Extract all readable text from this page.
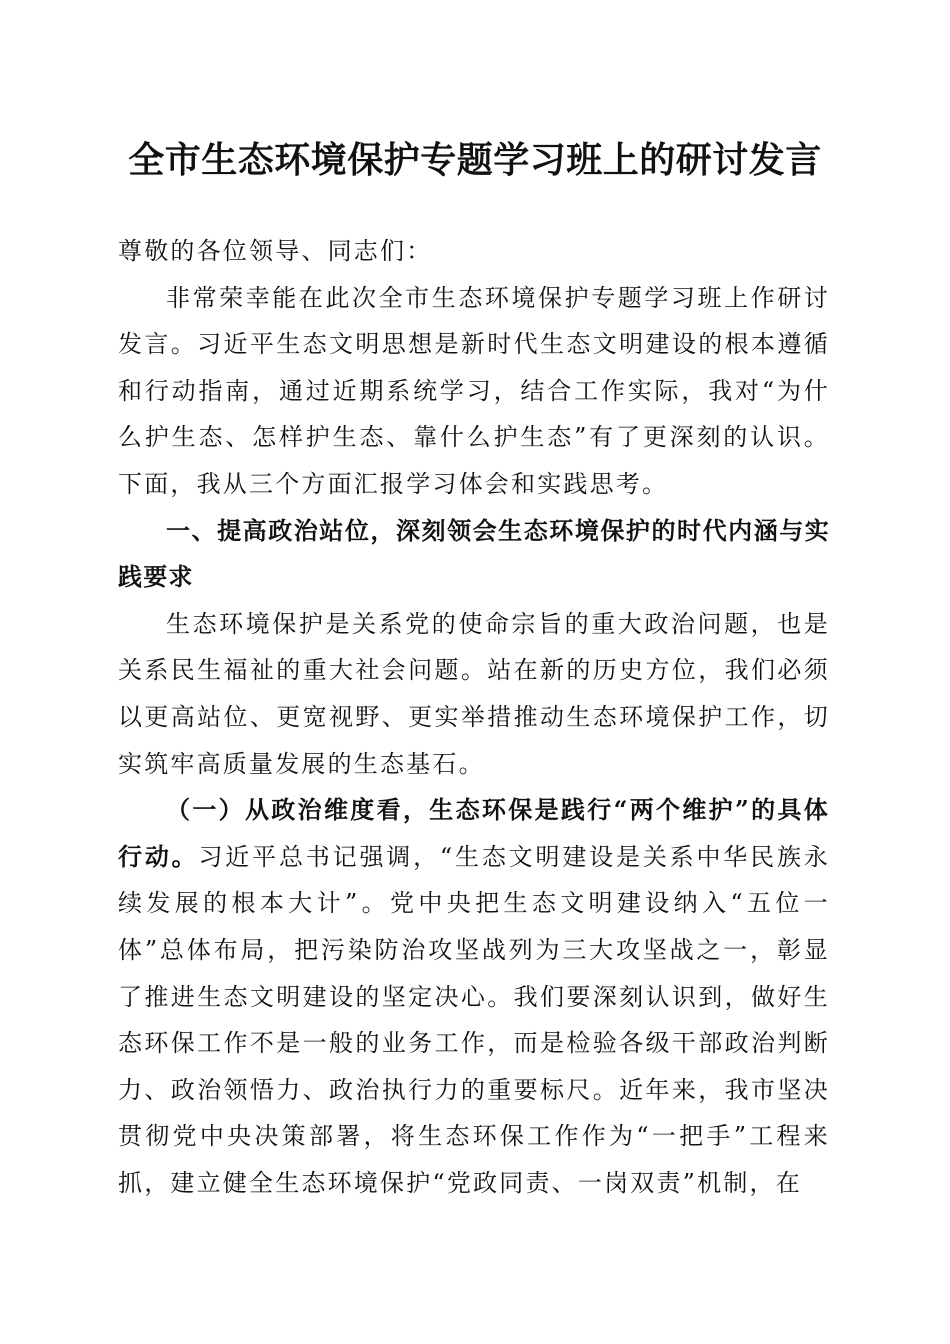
全市生态环境保护专题学习班上的研讨发言

尊敬的各位领导、同志们：

非常荣幸能在此次全市生态环境保护专题学习班上作研讨发言。习近平生态文明思想是新时代生态文明建设的根本遵循和行动指南，通过近期系统学习，结合工作实际，我对“为什么护生态、怎样护生态、靠什么护生态”有了更深刻的认识。下面，我从三个方面汇报学习体会和实践思考。

一、提高政治站位，深刻领会生态环境保护的时代内涵与实践要求

生态环境保护是关系党的使命宗旨的重大政治问题，也是关系民生福祉的重大社会问题。站在新的历史方位，我们必须以更高站位、更宽视野、更实举措推动生态环境保护工作，切实筑牢高质量发展的生态基石。

（一）从政治维度看，生态环保是践行“两个维护”的具体行动。习近平总书记强调，“生态文明建设是关系中华民族永续发展的根本大计”。党中央把生态文明建设纳入“五位一体”总体布局，把污染防治攻坚战列为三大攻坚战之一，彰显了推进生态文明建设的坚定决心。我们要深刻认识到，做好生态环保工作不是一般的业务工作，而是检验各级干部政治判断力、政治领悟力、政治执行力的重要标尺。近年来，我市坚决贯彻党中央决策部署，将生态环保工作作为“一把手”工程来抓，建立健全生态环境保护“党政同责、一岗双责”机制，在
